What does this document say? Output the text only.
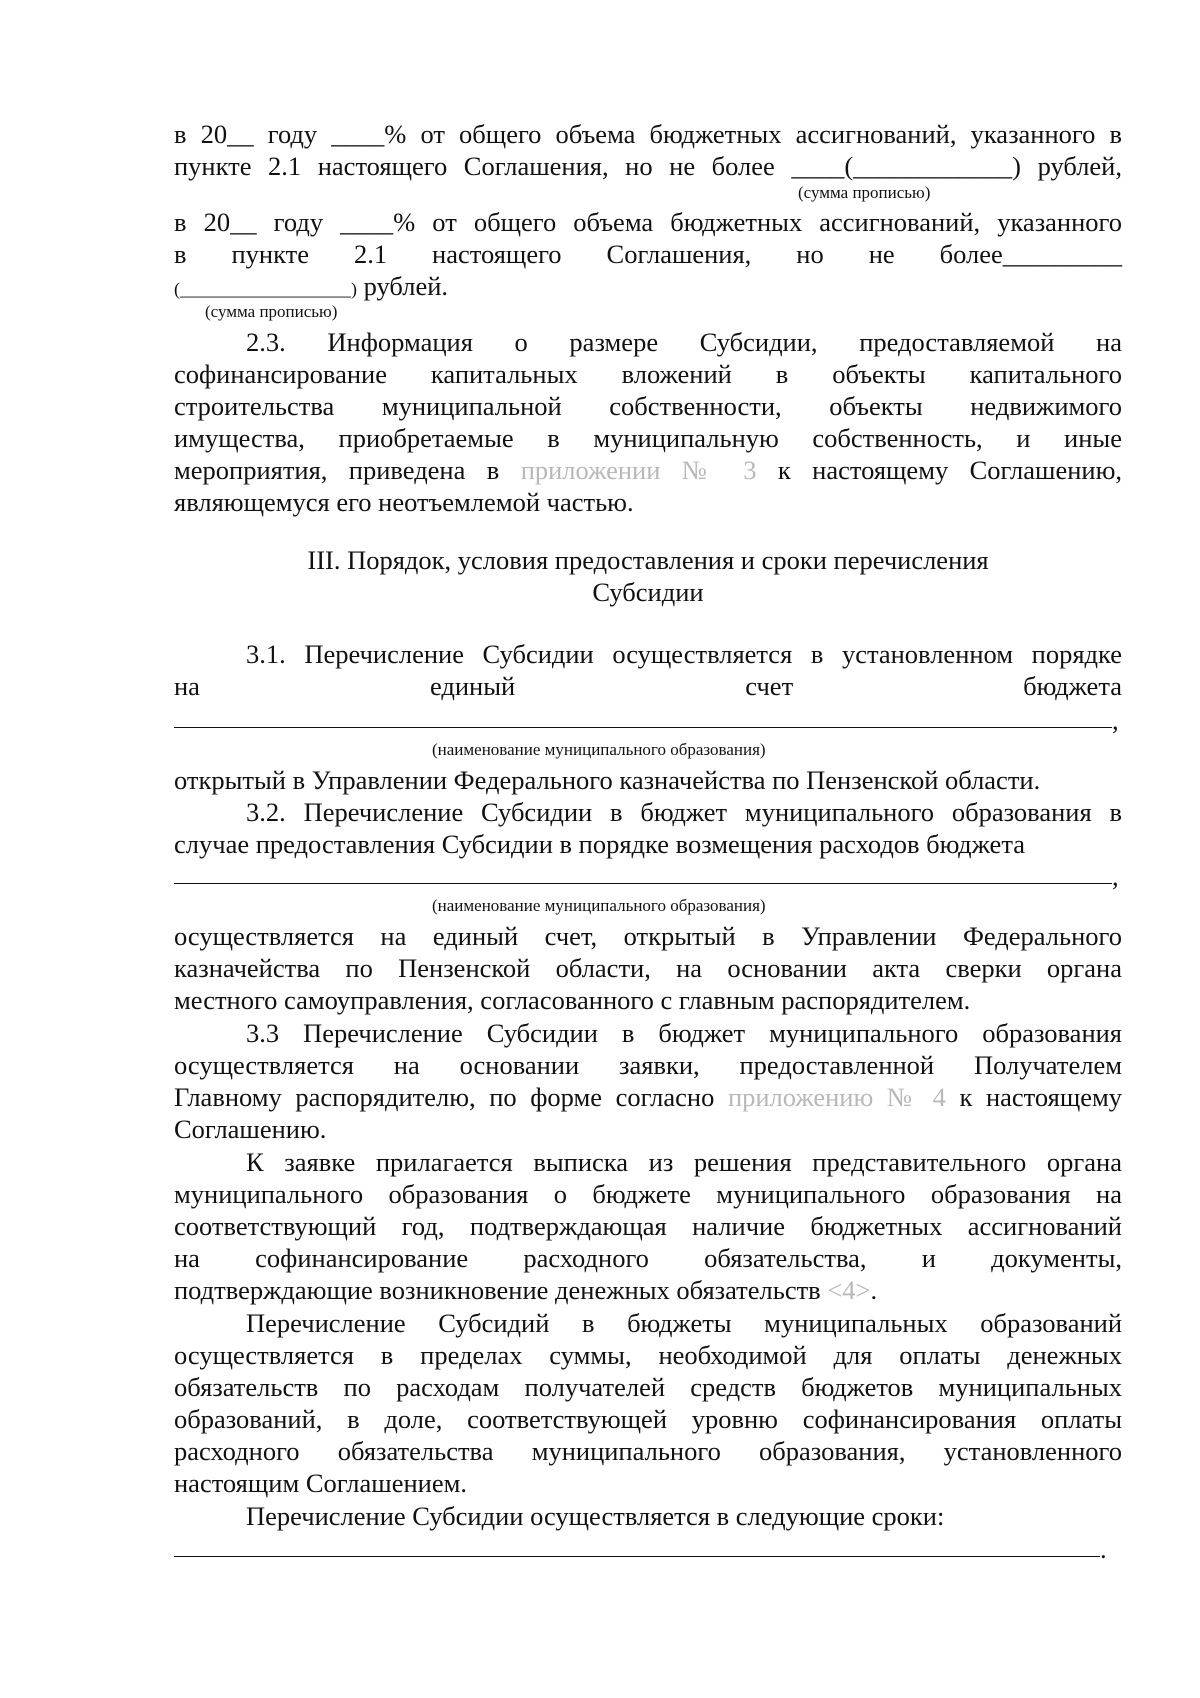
в 20__ году ____% от общего объема бюджетных ассигнований, указанного в
пункте 2.1 настоящего Соглашения, но не более ____(____________) рублей,
(сумма прописью)
в 20__ году ____% от общего объема бюджетных ассигнований, указанного
в пункте 2.1 настоящего Соглашения, но не более_________
(___________________) рублей.
(сумма прописью)
2.3. Информация о размере Субсидии, предоставляемой на
софинансирование капитальных вложений в объекты капитального
строительства муниципальной собственности, объекты недвижимого
имущества, приобретаемые в муниципальную собственность, и иные
мероприятия, приведена в приложении № 3 к настоящему Соглашению,
являющемуся его неотъемлемой частью.
III. Порядок, условия предоставления и сроки перечисления
Субсидии
3.1. Перечисление Субсидии осуществляется в установленном порядке
на единый счет бюджета
,
(наименование муниципального образования)
открытый в Управлении Федерального казначейства по Пензенской области.
3.2. Перечисление Субсидии в бюджет муниципального образования в
случае предоставления Субсидии в порядке возмещения расходов бюджета
,
(наименование муниципального образования)
осуществляется на единый счет, открытый в Управлении Федерального
казначейства по Пензенской области, на основании акта сверки органа
местного самоуправления, согласованного с главным распорядителем.
3.3 Перечисление Субсидии в бюджет муниципального образования
осуществляется на основании заявки, предоставленной Получателем
Главному распорядителю, по форме согласно приложению № 4 к настоящему
Соглашению.
К заявке прилагается выписка из решения представительного органа
муниципального образования о бюджете муниципального образования на
соответствующий год, подтверждающая наличие бюджетных ассигнований
на софинансирование расходного обязательства, и документы,
подтверждающие возникновение денежных обязательств <4>.
Перечисление Субсидий в бюджеты муниципальных образований
осуществляется в пределах суммы, необходимой для оплаты денежных
обязательств по расходам получателей средств бюджетов муниципальных
образований, в доле, соответствующей уровню софинансирования оплаты
расходного обязательства муниципального образования, установленного
настоящим Соглашением.
Перечисление Субсидии осуществляется в следующие сроки:
.
